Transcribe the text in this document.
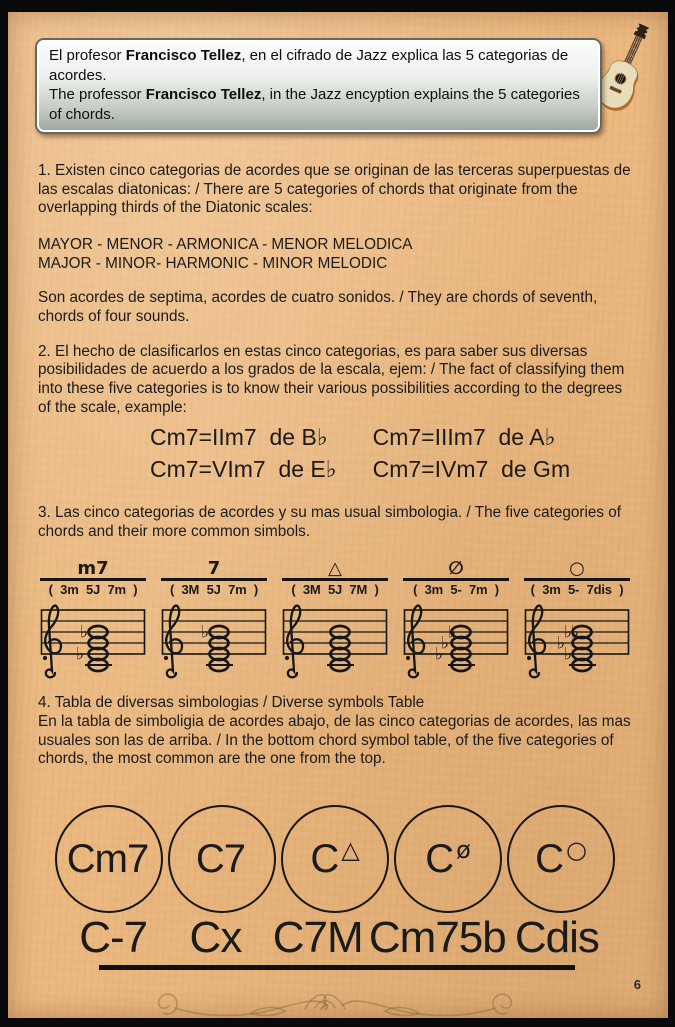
El profesor Francisco Tellez, en el cifrado de Jazz explica las 5 categorias de acordes.

The professor Francisco Tellez, in the Jazz encyption explains the 5 categories of chords.

1. Existen cinco categorias de acordes que se originan de las terceras superpuestas de las escalas diatonicas: / There are 5 categories of chords that originate from the overlapping thirds of the Diatonic scales:

MAYOR - MENOR - ARMONICA - MENOR MELODICA

MAJOR - MINOR- HARMONIC - MINOR MELODIC

Son acordes de septima, acordes de cuatro sonidos. / They are chords of seventh, chords of four sounds.

2. El hecho de clasificarlos en estas cinco categorias, es para saber sus diversas posibilidades de acuerdo a los grados de la escala, ejem: / The fact of classifying them into these five categories is to know their various possibilities according to the degrees of the scale, example:

Cm7=IIm7  de B♭	Cm7=IIIm7  de A♭
Cm7=VIm7  de E♭ Cm7=IVm7  de Gm

3. Las cinco categorias de acordes y su mas usual simbologia. / The five categories of chords and their more common simbols.

m7
( 3m 5J 7m )
♭
♭
7
( 3M 5J 7m )
♭
△
( 3M 5J 7M )
∅
( 3m 5- 7m )
♭
♭
♭
○
( 3m 5- 7dis )
♭
♭
♭
♭

4. Tabla de diversas simbologias / Diverse symbols Table

En la tabla de simboligia de acordes abajo, de las cinco categorias de acordes, las mas usuales son las de arriba. / In the bottom chord symbol table, of the five categories of chords, the most common are the one from the top.

Cm7 C7 C △ C ø C ○
C-7 Cx C7M Cm75b Cdis
6
